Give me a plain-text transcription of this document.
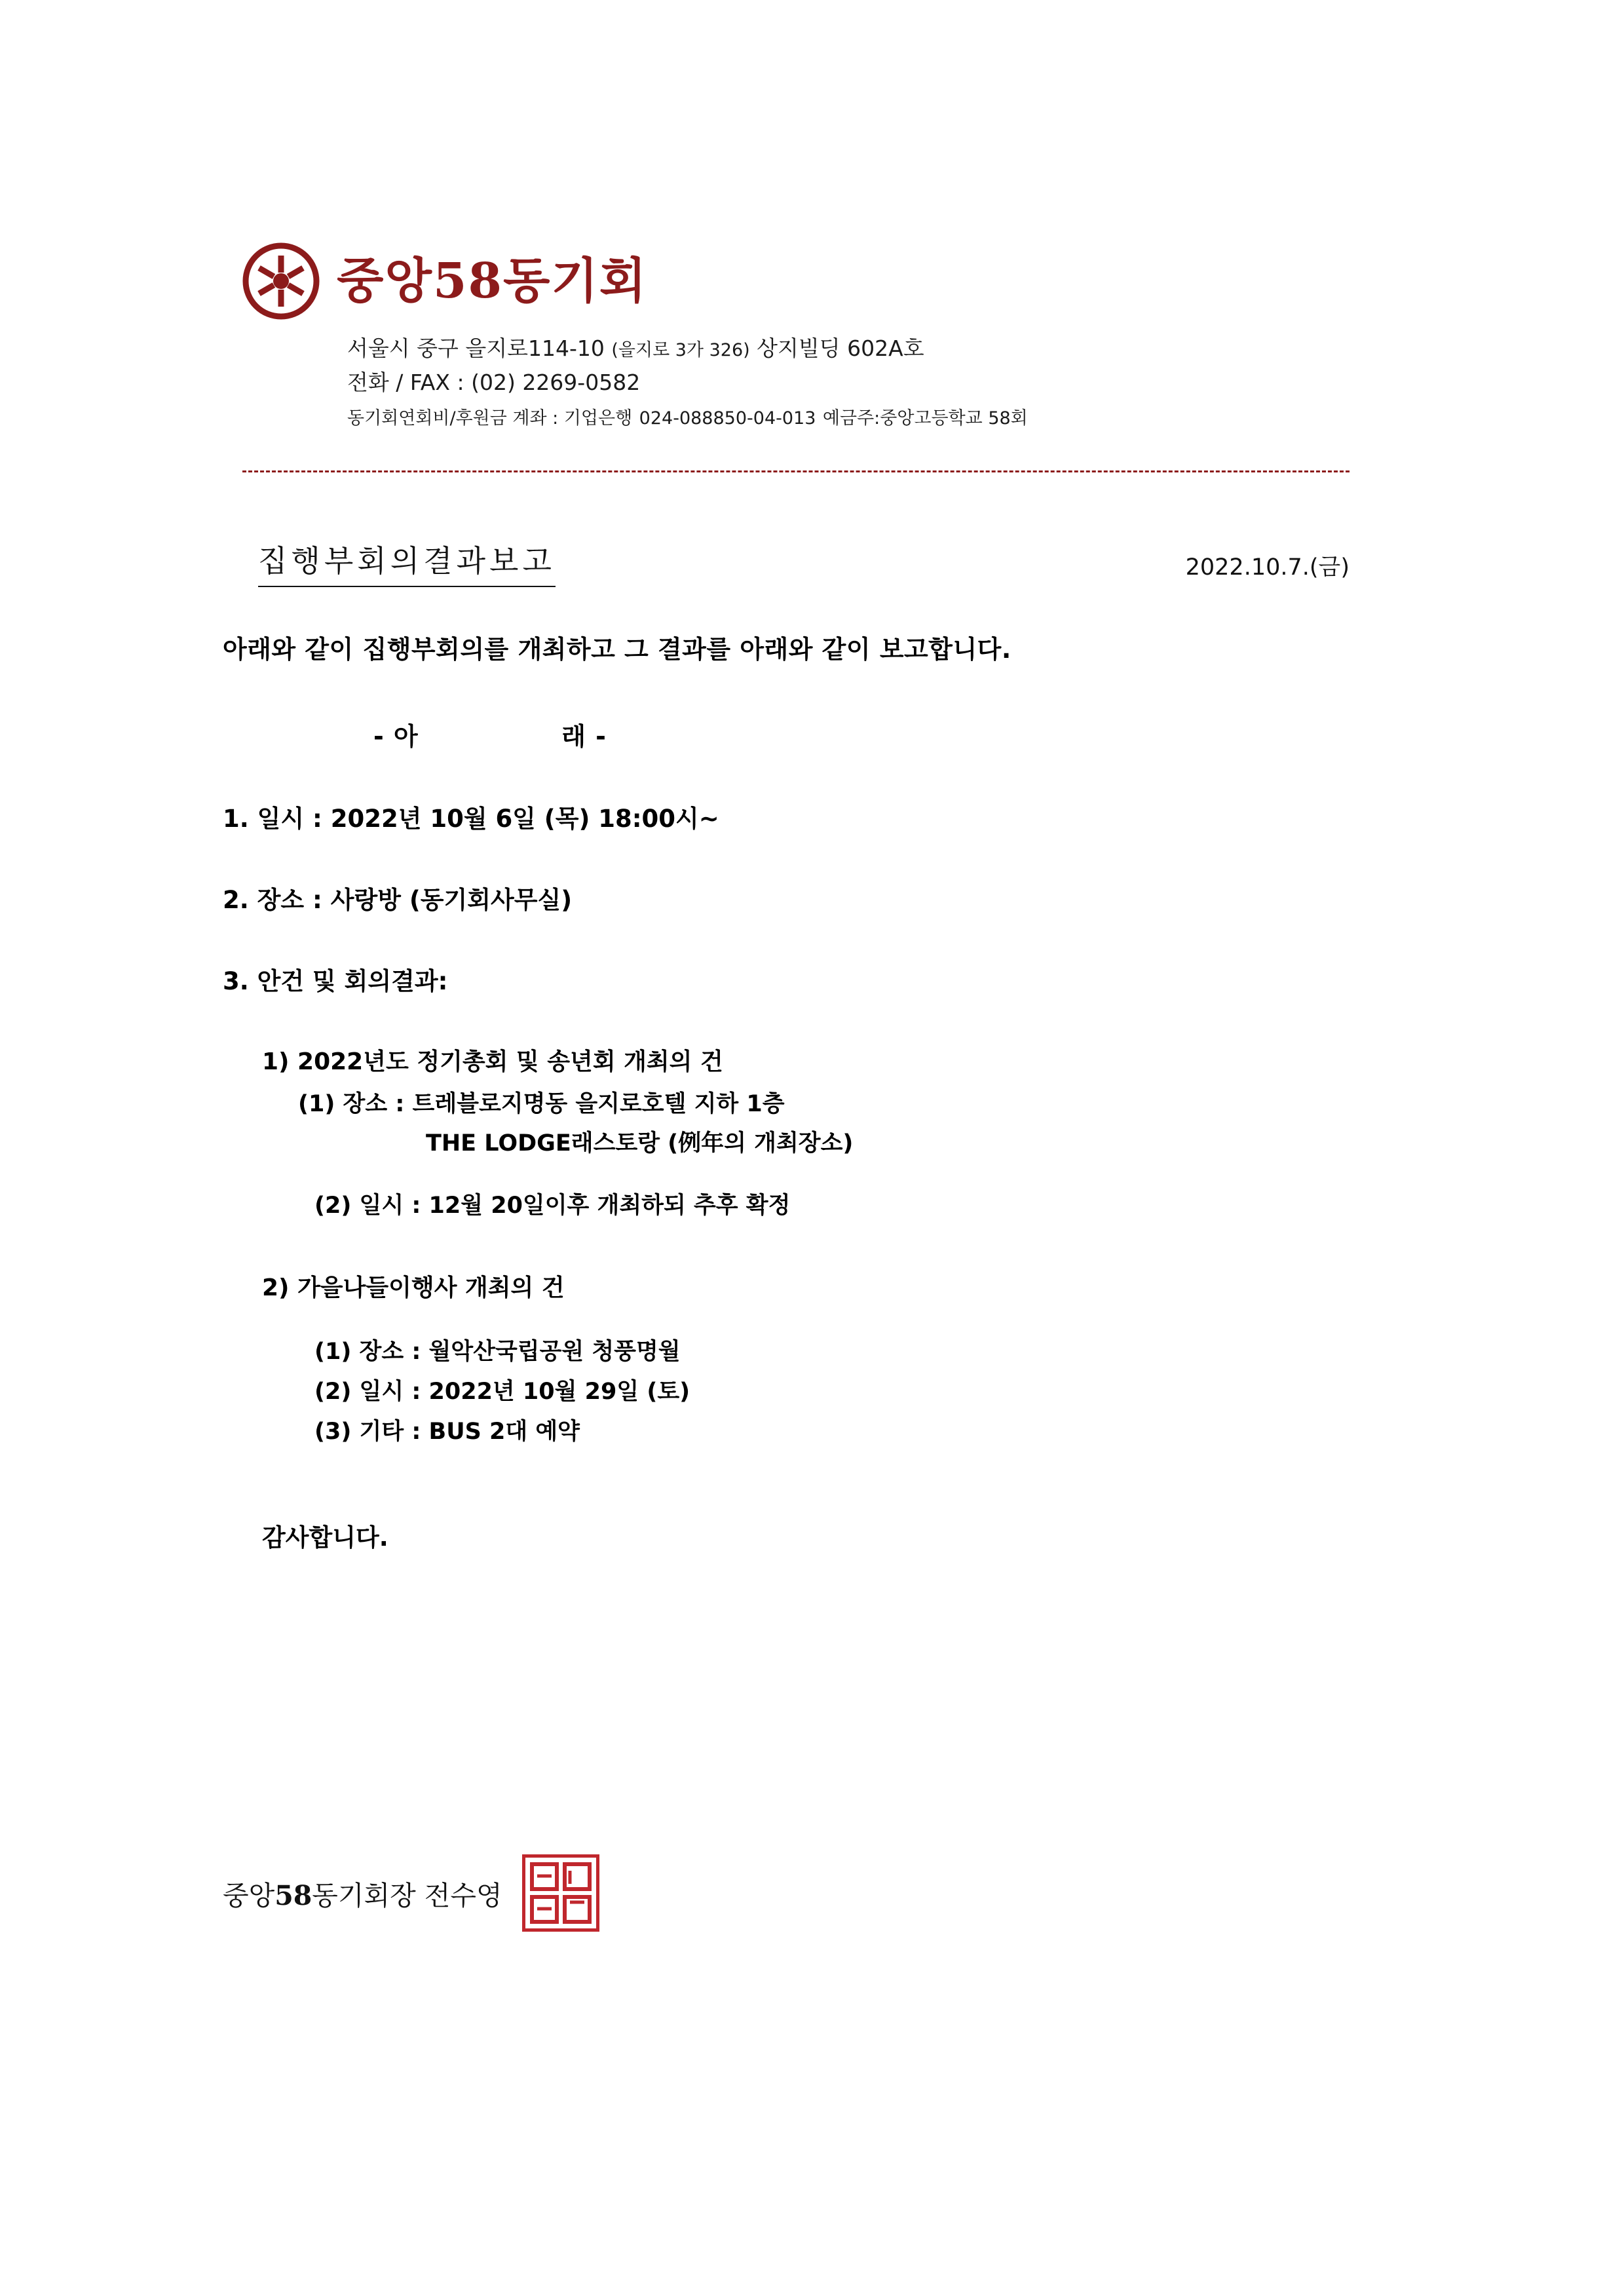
중앙58동기회
서울시 중구 을지로114-10 (을지로 3가 326) 상지빌딩 602A호
전화 / FAX : (02) 2269-0582
동기회연회비/후원금 계좌 : 기업은행 024-088850-04-013 예금주:중앙고등학교 58회
집행부회의결과보고	2022.10.7.(금)

아래와 같이 집행부회의를 개최하고 그 결과를 아래와 같이 보고합니다.

- 아	래 -

1. 일시 : 2022년 10월 6일 (목) 18:00시~

2. 장소 : 사랑방 (동기회사무실)

3. 안건 및 회의결과:

1) 2022년도 정기총회 및 송년회 개최의 건

(1) 장소 : 트레블로지명동 을지로호텔 지하 1층

THE LODGE래스토랑 (例年의 개최장소)

(2) 일시 : 12월 20일이후 개최하되 추후 확정

2) 가을나들이행사 개최의 건

(1) 장소 : 월악산국립공원 청풍명월

(2) 일시 : 2022년 10월 29일 (토)

(3) 기타 : BUS 2대 예약

감사합니다.

중앙58동기회장 전수영
